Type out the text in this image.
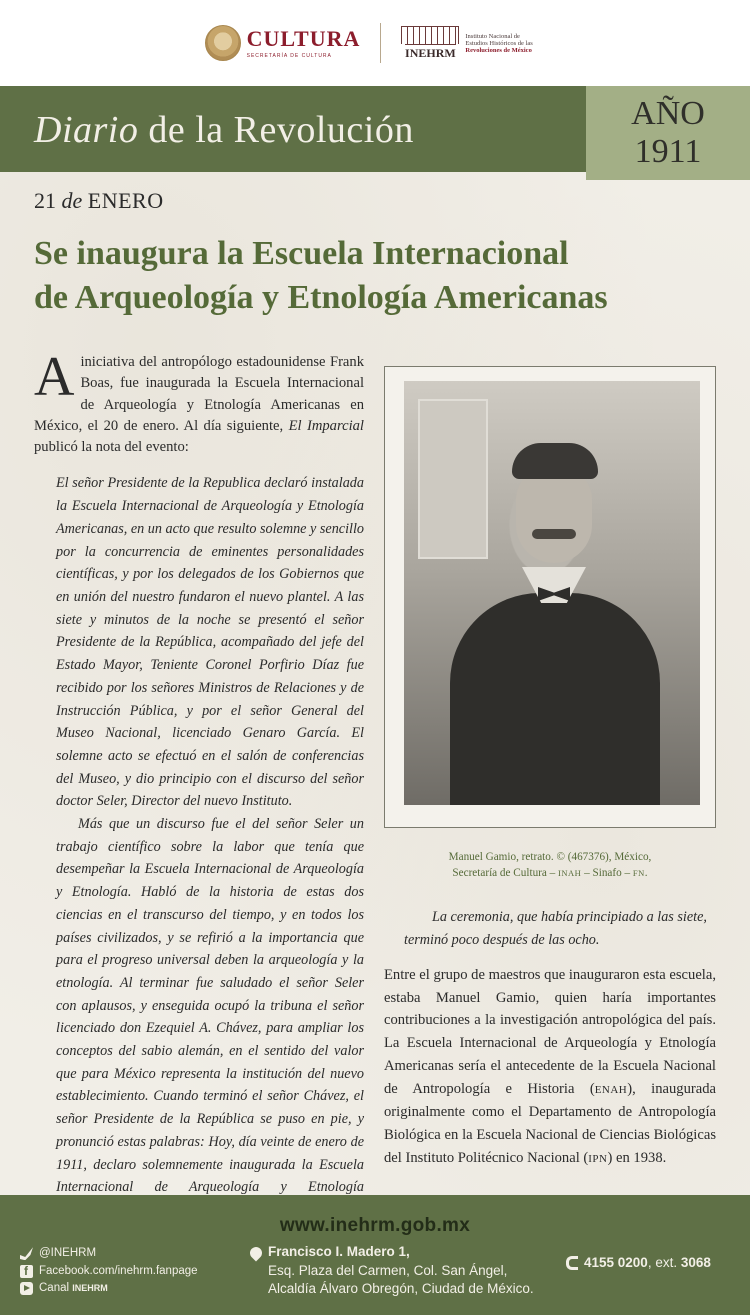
CULTURA
SECRETARÍA DE CULTURA	INEHRM
Instituto Nacional de
Estudios Históricos de las
Revoluciones de México
Diario de la Revolución	AÑO
1911
21 de ENERO
Se inaugura la Escuela Internacional
de Arqueología y Etnología Americanas

A iniciativa del antropólogo estadounidense Frank Boas, fue inaugurada la Escuela Internacional de Arqueología y Etnología Americanas en México, el 20 de enero. Al día siguiente, El Imparcial publicó la nota del evento:

El señor Presidente de la Republica declaró instalada la Escuela Internacional de Arqueología y Etnología Americanas, en un acto que resulto solemne y sencillo por la concurrencia de eminentes personalidades científicas, y por los delegados de los Gobiernos que en unión del nuestro fundaron el nuevo plantel. A las siete y minutos de la noche se presentó el señor Presidente de la República, acompañado del jefe del Estado Mayor, Teniente Coronel Porfirio Díaz fue recibido por los señores Ministros de Relaciones y de Instrucción Pública, y por el señor General del Museo Nacional, licenciado Genaro García. El solemne acto se efectuó en el salón de conferencias del Museo, y dio principio con el discurso del señor doctor Seler, Director del nuevo Instituto.

Más que un discurso fue el del señor Seler un trabajo científico sobre la labor que tenía que desempeñar la Escuela Internacional de Arqueología y Etnología. Habló de la historia de estas dos ciencias en el transcurso del tiempo, y en todos los países civilizados, y se refirió a la importancia que para el progreso universal deben la arqueología y la etnología. Al terminar fue saludado el señor Seler con aplausos, y enseguida ocupó la tribuna el señor licenciado don Ezequiel A. Chávez, para ampliar los conceptos del sabio alemán, en el sentido del valor que para México representa la institución del nuevo establecimiento. Cuando terminó el señor Chávez, el señor Presidente de la República se puso en pie, y pronunció estas palabras: Hoy, día veinte de enero de 1911, declaro solemnemente inaugurada la Escuela Internacional de Arqueología y Etnología

Manuel Gamio, retrato. © (467376), México,
Secretaría de Cultura – INAH – Sinafo – FN.
La ceremonia, que había principiado a las siete,
terminó poco después de las ocho.

Entre el grupo de maestros que inauguraron esta escuela, estaba Manuel Gamio, quien haría importantes contribuciones a la investigación antropológica del país. La Escuela Internacional de Arqueología y Etnología Americanas sería el antecedente de la Escuela Nacional de Antropología e Historia (ENAH), inaugurada originalmente como el Departamento de Antropología Biológica en la Escuela Nacional de Ciencias Biológicas del Instituto Politécnico Nacional (IPN) en 1938.

www.inehrm.gob.mx
@INEHRM
f
Facebook.com/inehrm.fanpage
Canal INEHRM
Francisco I. Madero 1,
Esq. Plaza del Carmen, Col. San Ángel,
Alcaldía Álvaro Obregón, Ciudad de México.
4155 0200, ext. 3068
